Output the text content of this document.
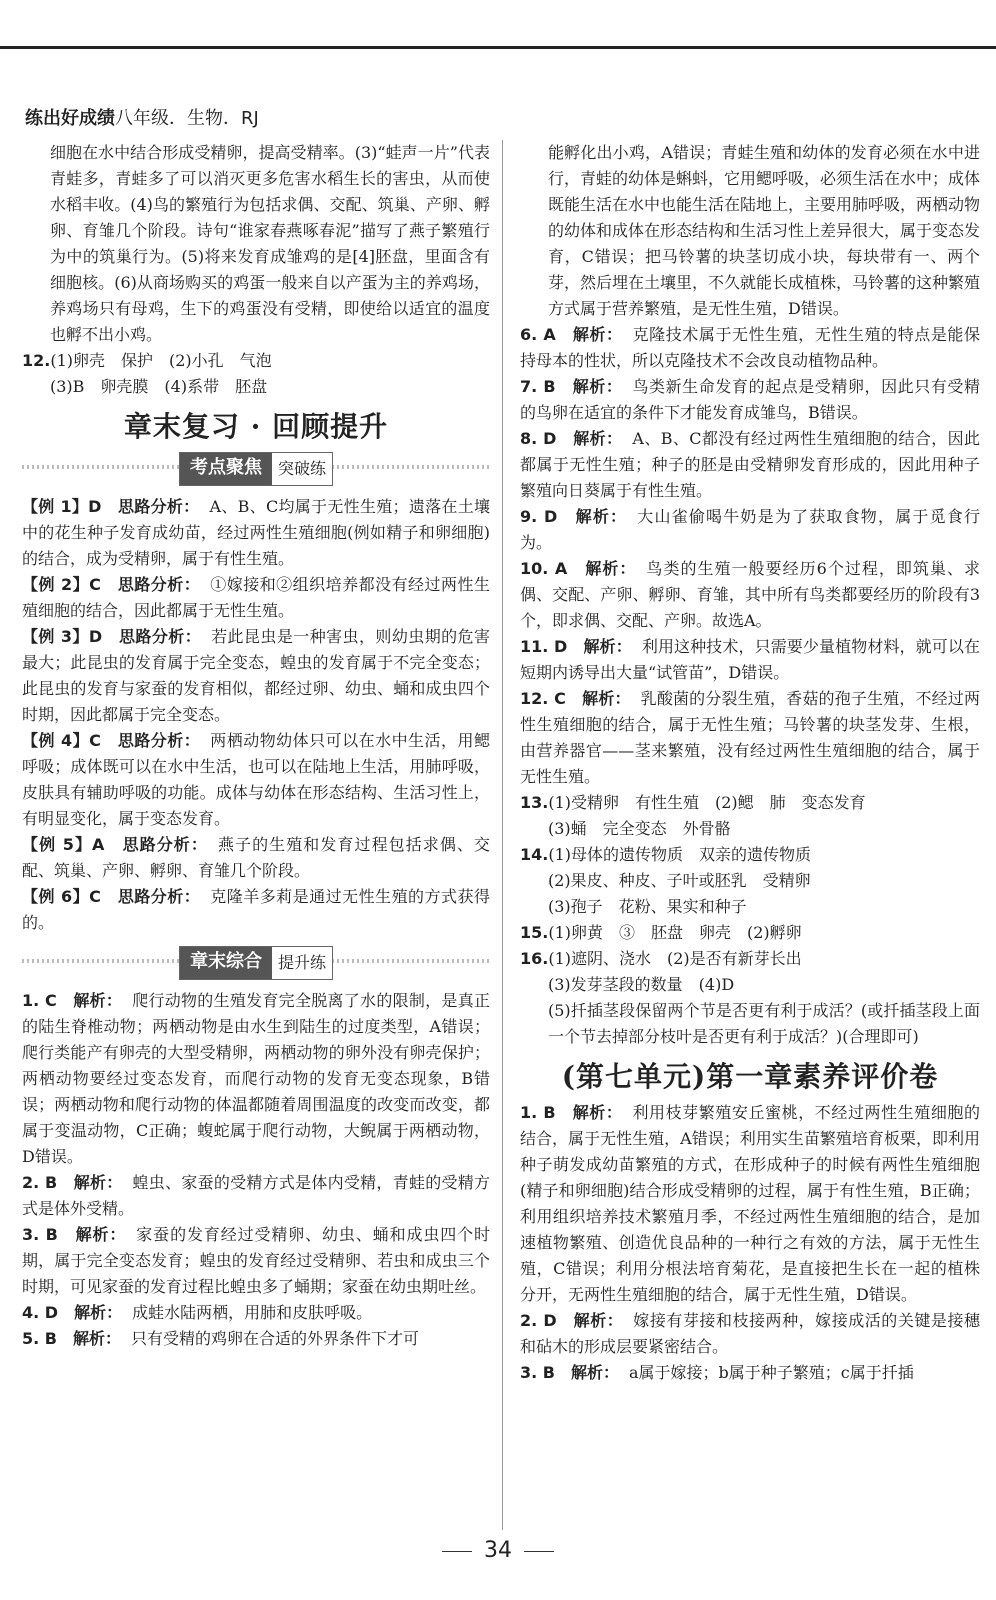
练出好成绩八年级．生物．RJ

细胞在水中结合形成受精卵，提高受精率。(3)“蛙声一片”代表青蛙多，青蛙多了可以消灭更多危害水稻生长的害虫，从而使水稻丰收。(4)鸟的繁殖行为包括求偶、交配、筑巢、产卵、孵卵、育雏几个阶段。诗句“谁家春燕啄春泥”描写了燕子繁殖行为中的筑巢行为。(5)将来发育成雏鸡的是[4]胚盘，里面含有细胞核。(6)从商场购买的鸡蛋一般来自以产蛋为主的养鸡场，养鸡场只有母鸡，生下的鸡蛋没有受精，即使给以适宜的温度也孵不出小鸡。

12.(1)卵壳　保护　(2)小孔　气泡

(3)B　卵壳膜　(4)系带　胚盘

章末复习 · 回顾提升
考点聚焦	突破练

【例 1】D　思路分析： A、B、C均属于无性生殖；遗落在土壤中的花生种子发育成幼苗，经过两性生殖细胞(例如精子和卵细胞)的结合，成为受精卵，属于有性生殖。

【例 2】C　思路分析： ①嫁接和②组织培养都没有经过两性生殖细胞的结合，因此都属于无性生殖。

【例 3】D　思路分析： 若此昆虫是一种害虫，则幼虫期的危害最大；此昆虫的发育属于完全变态，蝗虫的发育属于不完全变态；此昆虫的发育与家蚕的发育相似，都经过卵、幼虫、蛹和成虫四个时期，因此都属于完全变态。

【例 4】C　思路分析： 两栖动物幼体只可以在水中生活，用鳃呼吸；成体既可以在水中生活，也可以在陆地上生活，用肺呼吸，皮肤具有辅助呼吸的功能。成体与幼体在形态结构、生活习性上，有明显变化，属于变态发育。

【例 5】A　思路分析： 燕子的生殖和发育过程包括求偶、交配、筑巢、产卵、孵卵、育雏几个阶段。

【例 6】C　思路分析： 克隆羊多莉是通过无性生殖的方式获得的。

章末综合	提升练

1. C　解析： 爬行动物的生殖发育完全脱离了水的限制，是真正的陆生脊椎动物；两栖动物是由水生到陆生的过度类型，A错误；爬行类能产有卵壳的大型受精卵，两栖动物的卵外没有卵壳保护；两栖动物要经过变态发育，而爬行动物的发育无变态现象，B错误；两栖动物和爬行动物的体温都随着周围温度的改变而改变，都属于变温动物，C正确；蝮蛇属于爬行动物，大鲵属于两栖动物，D错误。

2. B　解析： 蝗虫、家蚕的受精方式是体内受精，青蛙的受精方式是体外受精。

3. B　解析： 家蚕的发育经过受精卵、幼虫、蛹和成虫四个时期，属于完全变态发育；蝗虫的发育经过受精卵、若虫和成虫三个时期，可见家蚕的发育过程比蝗虫多了蛹期；家蚕在幼虫期吐丝。

4. D　解析： 成蛙水陆两栖，用肺和皮肤呼吸。

5. B　解析： 只有受精的鸡卵在合适的外界条件下才可

能孵化出小鸡，A错误；青蛙生殖和幼体的发育必须在水中进行，青蛙的幼体是蝌蚪，它用鳃呼吸，必须生活在水中；成体既能生活在水中也能生活在陆地上，主要用肺呼吸，两栖动物的幼体和成体在形态结构和生活习性上差异很大，属于变态发育，C错误；把马铃薯的块茎切成小块，每块带有一、两个芽，然后埋在土壤里，不久就能长成植株，马铃薯的这种繁殖方式属于营养繁殖，是无性生殖，D错误。

6. A　解析： 克隆技术属于无性生殖，无性生殖的特点是能保持母本的性状，所以克隆技术不会改良动植物品种。

7. B　解析： 鸟类新生命发育的起点是受精卵，因此只有受精的鸟卵在适宜的条件下才能发育成雏鸟，B错误。

8. D　解析： A、B、C都没有经过两性生殖细胞的结合，因此都属于无性生殖；种子的胚是由受精卵发育形成的，因此用种子繁殖向日葵属于有性生殖。

9. D　解析： 大山雀偷喝牛奶是为了获取食物，属于觅食行为。

10. A　解析： 鸟类的生殖一般要经历6个过程，即筑巢、求偶、交配、产卵、孵卵、育雏，其中所有鸟类都要经历的阶段有3个，即求偶、交配、产卵。故选A。

11. D　解析： 利用这种技术，只需要少量植物材料，就可以在短期内诱导出大量“试管苗”，D错误。

12. C　解析： 乳酸菌的分裂生殖，香菇的孢子生殖，不经过两性生殖细胞的结合，属于无性生殖；马铃薯的块茎发芽、生根，由营养器官——茎来繁殖，没有经过两性生殖细胞的结合，属于无性生殖。

13.(1)受精卵　有性生殖　(2)鳃　肺　变态发育

(3)蛹　完全变态　外骨骼

14.(1)母体的遗传物质　双亲的遗传物质

(2)果皮、种皮、子叶或胚乳　受精卵

(3)孢子　花粉、果实和种子

15.(1)卵黄　③　胚盘　卵壳　(2)孵卵

16.(1)遮阴、浇水　(2)是否有新芽长出

(3)发芽茎段的数量　(4)D

(5)扦插茎段保留两个节是否更有利于成活？(或扦插茎段上面一个节去掉部分枝叶是否更有利于成活？)(合理即可)

(第七单元)第一章素养评价卷

1. B　解析： 利用枝芽繁殖安丘蜜桃，不经过两性生殖细胞的结合，属于无性生殖，A错误；利用实生苗繁殖培育板栗，即利用种子萌发成幼苗繁殖的方式，在形成种子的时候有两性生殖细胞(精子和卵细胞)结合形成受精卵的过程，属于有性生殖，B正确；利用组织培养技术繁殖月季，不经过两性生殖细胞的结合，是加速植物繁殖、创造优良品种的一种行之有效的方法，属于无性生殖，C错误；利用分根法培育菊花，是直接把生长在一起的植株分开，无两性生殖细胞的结合，属于无性生殖，D错误。

2. D　解析： 嫁接有芽接和枝接两种，嫁接成活的关键是接穗和砧木的形成层要紧密结合。

3. B　解析： a属于嫁接；b属于种子繁殖；c属于扦插

34
